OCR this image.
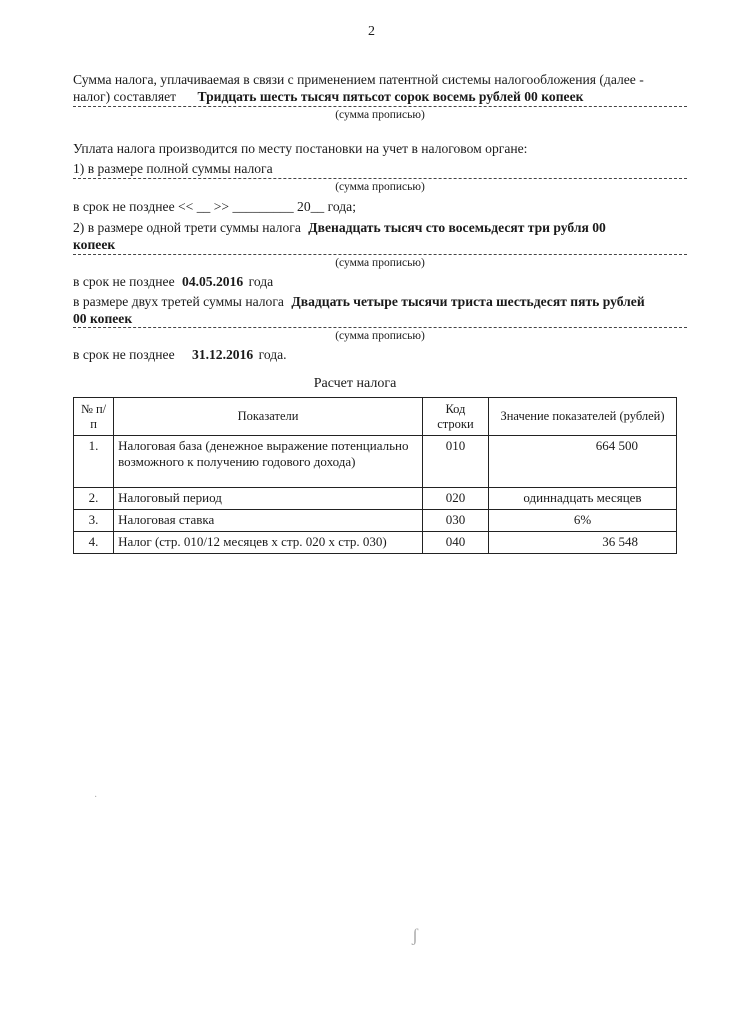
2
Сумма налога, уплачиваемая в связи с применением патентной системы налогообложения (далее -
налог) составляет Тридцать шесть тысяч пятьсот сорок восемь рублей 00 копеек
(сумма прописью)
Уплата налога производится по месту постановки на учет в налоговом органе:
1) в размере полной суммы налога
(сумма прописью)
в срок не позднее << __ >> _________ 20__ года;
2) в размере одной трети суммы налога Двенадцать тысяч сто восемьдесят три рубля 00
копеек
(сумма прописью)
в срок не позднее 04.05.2016 года
в размере двух третей суммы налога Двадцать четыре тысячи триста шестьдесят пять рублей
00 копеек
(сумма прописью)
в срок не позднее 31.12.2016 года.
Расчет налога
№ п/п	Показатели	Код строки	Значение показателей (рублей)
1.	Налоговая база (денежное выражение потенциально возможного к получению годового дохода)	010	664 500
2.	Налоговый период	020	одиннадцать месяцев
3.	Налоговая ставка	030	6%
4.	Налог (стр. 010/12 месяцев х стр. 020 х стр. 030)	040	36 548
·
ʃ
